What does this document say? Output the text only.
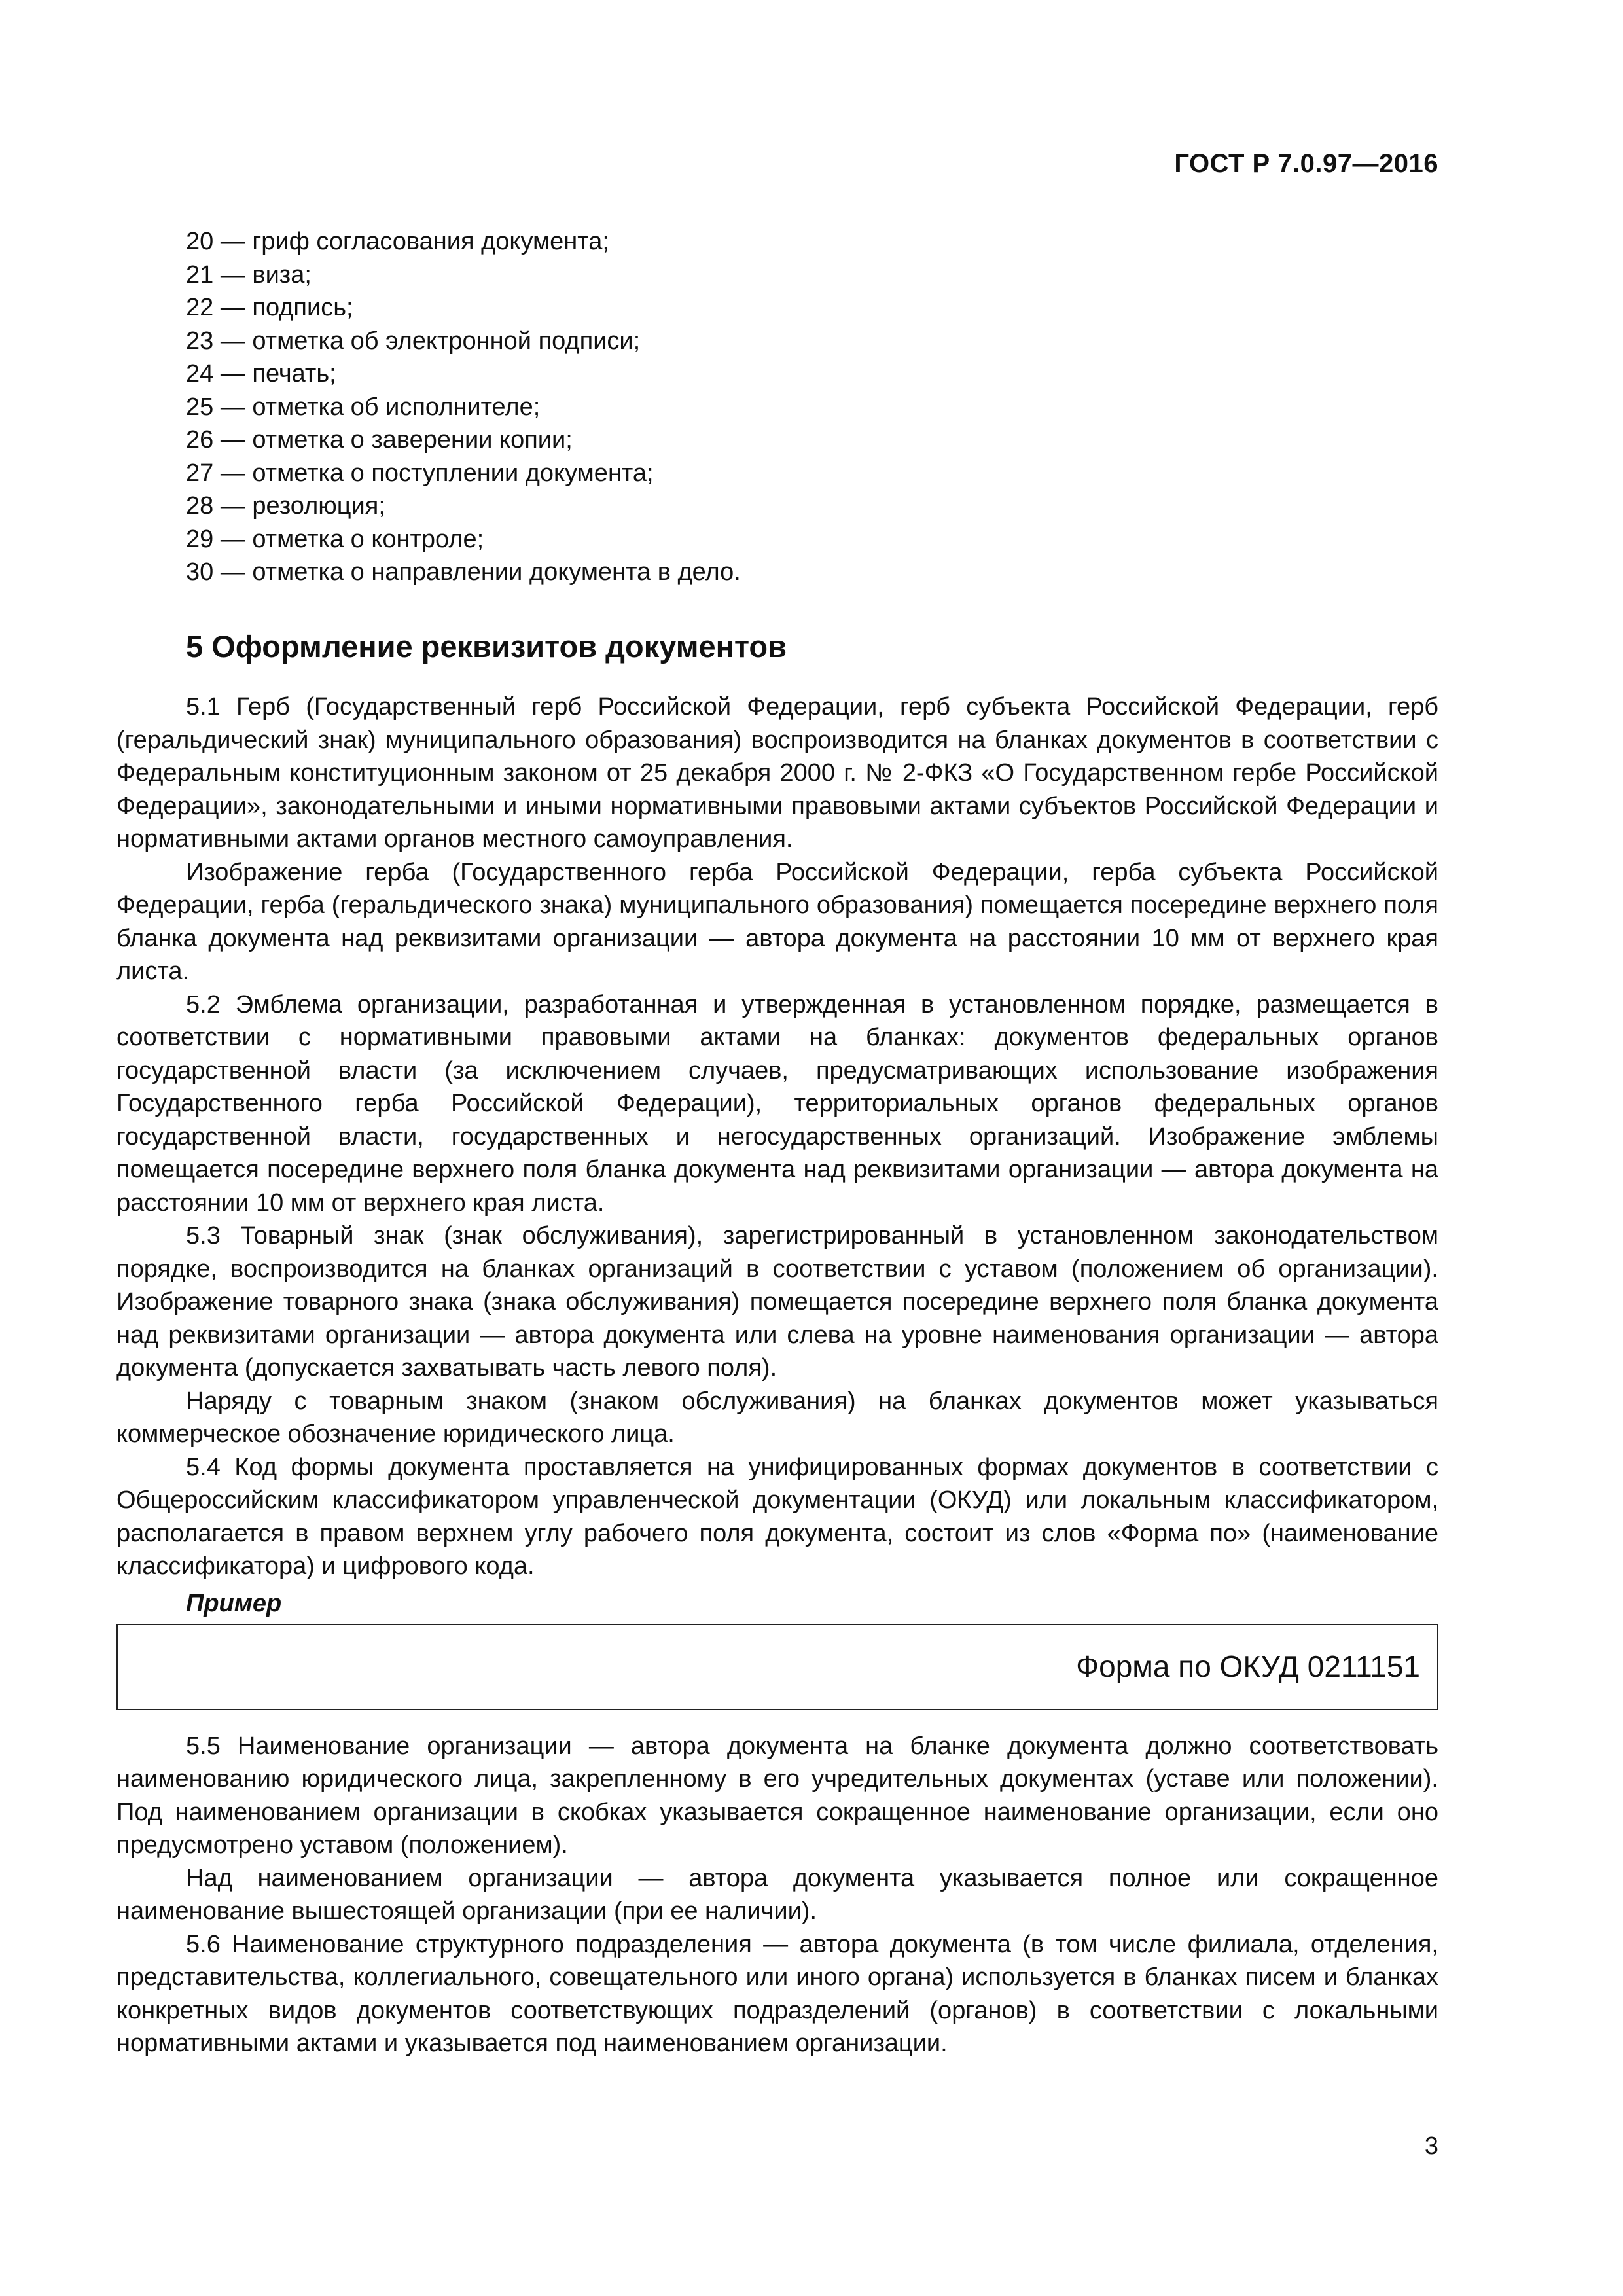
ГОСТ Р 7.0.97—2016
20 — гриф согласования документа;
21 — виза;
22 — подпись;
23 — отметка об электронной подписи;
24 — печать;
25 — отметка об исполнителе;
26 — отметка о заверении копии;
27 — отметка о поступлении документа;
28 — резолюция;
29 — отметка о контроле;
30 — отметка о направлении документа в дело.
5 Оформление реквизитов документов

5.1 Герб (Государственный герб Российской Федерации, герб субъекта Российской Федерации, герб (геральдический знак) муниципального образования) воспроизводится на бланках документов в соответствии с Федеральным конституционным законом от 25 декабря 2000 г. № 2-ФКЗ «О Государственном гербе Российской Федерации», законодательными и иными нормативными правовыми актами субъектов Российской Федерации и нормативными актами органов местного самоуправления.

Изображение герба (Государственного герба Российской Федерации, герба субъекта Российской Федерации, герба (геральдического знака) муниципального образования) помещается посередине верхнего поля бланка документа над реквизитами организации — автора документа на расстоянии 10 мм от верхнего края листа.

5.2 Эмблема организации, разработанная и утвержденная в установленном порядке, размещается в соответствии с нормативными правовыми актами на бланках: документов федеральных органов государственной власти (за исключением случаев, предусматривающих использование изображения Государственного герба Российской Федерации), территориальных органов федеральных органов государственной власти, государственных и негосударственных организаций. Изображение эмблемы помещается посередине верхнего поля бланка документа над реквизитами организации — автора документа на расстоянии 10 мм от верхнего края листа.

5.3 Товарный знак (знак обслуживания), зарегистрированный в установленном законодательством порядке, воспроизводится на бланках организаций в соответствии с уставом (положением об организации). Изображение товарного знака (знака обслуживания) помещается посередине верхнего поля бланка документа над реквизитами организации — автора документа или слева на уровне наименования организации — автора документа (допускается захватывать часть левого поля).

Наряду с товарным знаком (знаком обслуживания) на бланках документов может указываться коммерческое обозначение юридического лица.

5.4 Код формы документа проставляется на унифицированных формах документов в соответствии с Общероссийским классификатором управленческой документации (ОКУД) или локальным классификатором, располагается в правом верхнем углу рабочего поля документа, состоит из слов «Форма по» (наименование классификатора) и цифрового кода.

Пример
Форма по ОКУД 0211151

5.5 Наименование организации — автора документа на бланке документа должно соответствовать наименованию юридического лица, закрепленному в его учредительных документах (уставе или положении). Под наименованием организации в скобках указывается сокращенное наименование организации, если оно предусмотрено уставом (положением).

Над наименованием организации — автора документа указывается полное или сокращенное наименование вышестоящей организации (при ее наличии).

5.6 Наименование структурного подразделения — автора документа (в том числе филиала, отделения, представительства, коллегиального, совещательного или иного органа) используется в бланках писем и бланках конкретных видов документов соответствующих подразделений (органов) в соответствии с локальными нормативными актами и указывается под наименованием организации.

3
